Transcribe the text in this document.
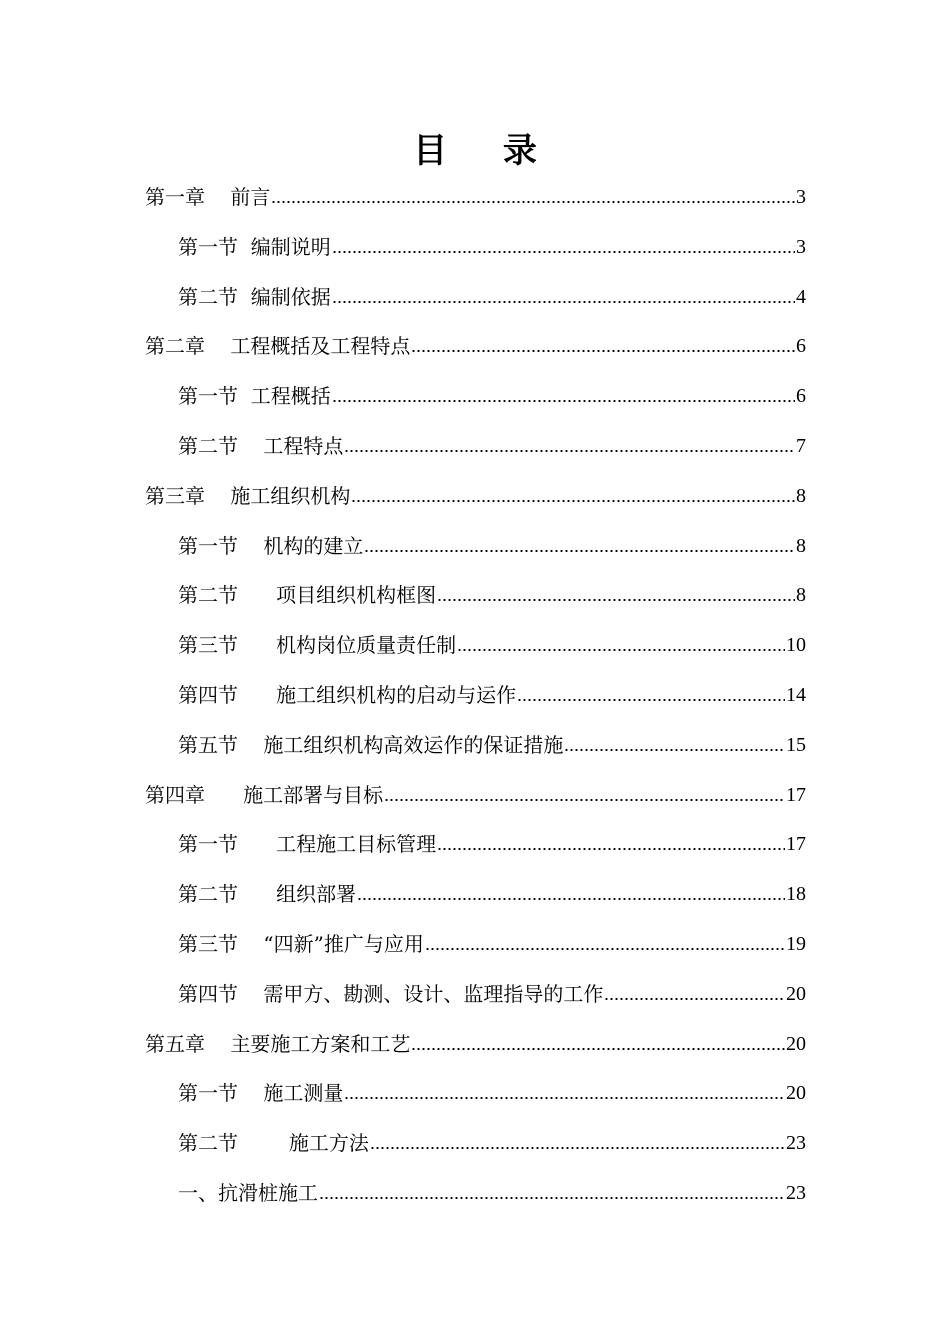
目 录
第一章    前言	3
第一节  编制说明	3
第二节  编制依据	4
第二章    工程概括及工程特点	6
第一节  工程概括	6
第二节    工程特点	7
第三章    施工组织机构	8
第一节    机构的建立	8
第二节      项目组织机构框图	8
第三节      机构岗位质量责任制	10
第四节      施工组织机构的启动与运作	14
第五节    施工组织机构高效运作的保证措施	15
第四章      施工部署与目标	17
第一节      工程施工目标管理	17
第二节      组织部署	18
第三节    “四新”推广与应用	19
第四节    需甲方、勘测、设计、监理指导的工作	20
第五章    主要施工方案和工艺	20
第一节    施工测量	20
第二节        施工方法	23
一、抗滑桩施工	23
